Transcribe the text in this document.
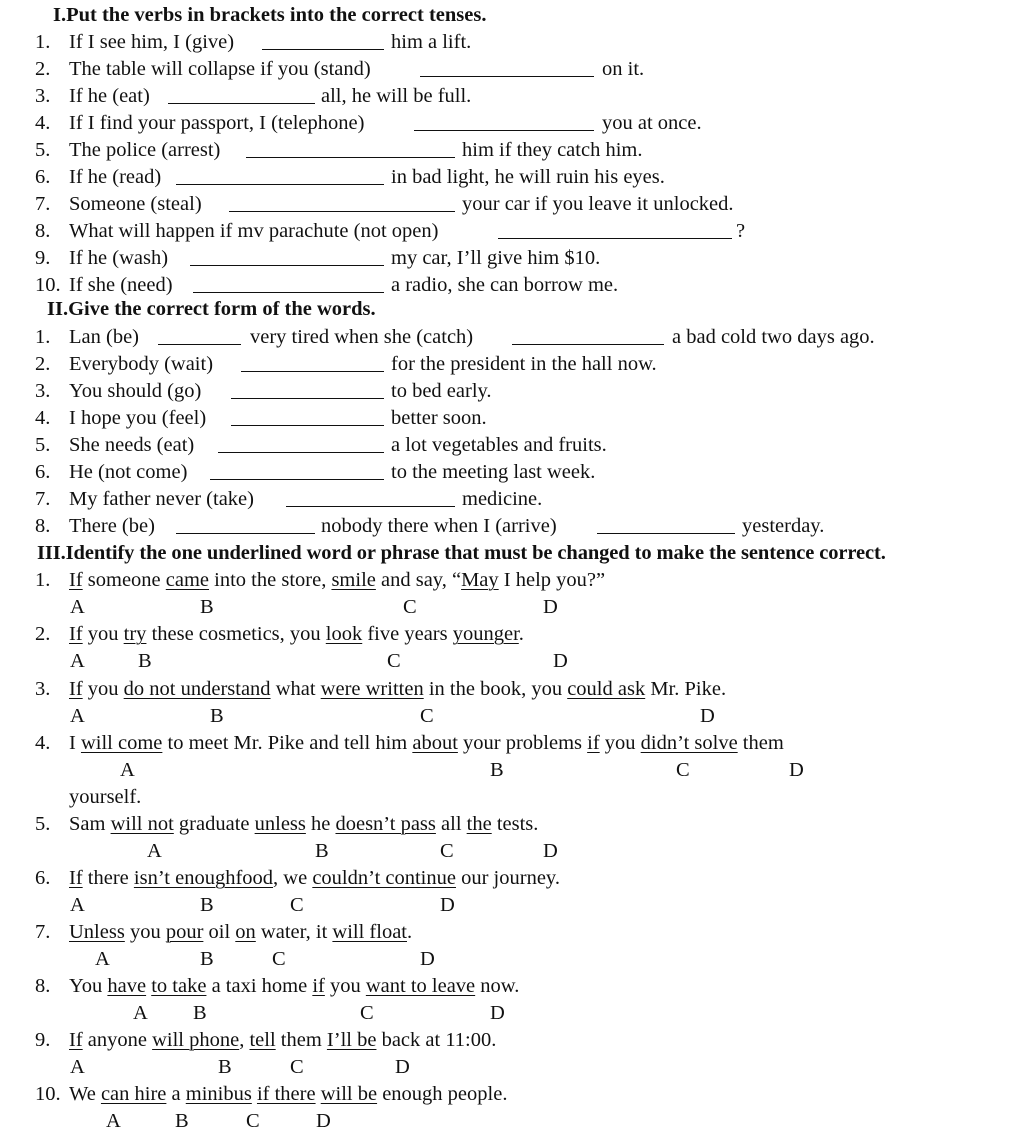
I.Put the verbs in brackets into the correct tenses.
1. If I see him, I (give)	him a lift.
2. The table will collapse if you (stand)	on it.
3. If he (eat)	all, he will be full.
4. If I find your passport, I (telephone)	you at once.
5. The police (arrest)	him if they catch him.
6. If he (read)	in bad light, he will ruin his eyes.
7. Someone (steal)	your car if you leave it unlocked.
8. What will happen if mv parachute (not open)	?
9. If he (wash)	my car, I’ll give him $10.
10. If she (need)	a radio, she can borrow me.
II.Give the correct form of the words.
1. Lan (be)	very tired when she (catch)	a bad cold two days ago.
2. Everybody (wait)	for the president in the hall now.
3. You should (go)	to bed early.
4. I hope you (feel)	better soon.
5. She needs (eat)	a lot vegetables and fruits.
6. He (not come)	to the meeting last week.
7. My father never (take)	medicine.
8. There (be)	nobody there when I (arrive)	yesterday.
III.Identify the one underlined word or phrase that must be changed to make the sentence correct.
1. If someone came into the store, smile and say, “May I help you?”
A	B	C	D
2. If you try these cosmetics, you look five years younger.
A	B	C	D
3. If you do not understand what were written in the book, you could ask Mr. Pike.
A	B	C	D
4. I will come to meet Mr. Pike and tell him about your problems if you didn’t solve them
A	B	C	D
yourself.
5. Sam will not graduate unless he doesn’t pass all the tests.
A	B	C	D
6. If there isn’t enoughfood, we couldn’t continue our journey.
A	B	C	D
7. Unless you pour oil on water, it will float.
A	B	C	D
8. You have to take a taxi home if you want to leave now.
A B	C	D
9. If anyone will phone, tell them I’ll be back at 11:00.
A	B	C	D
10. We can hire a minibus if there will be enough people.
A	B	C	D
